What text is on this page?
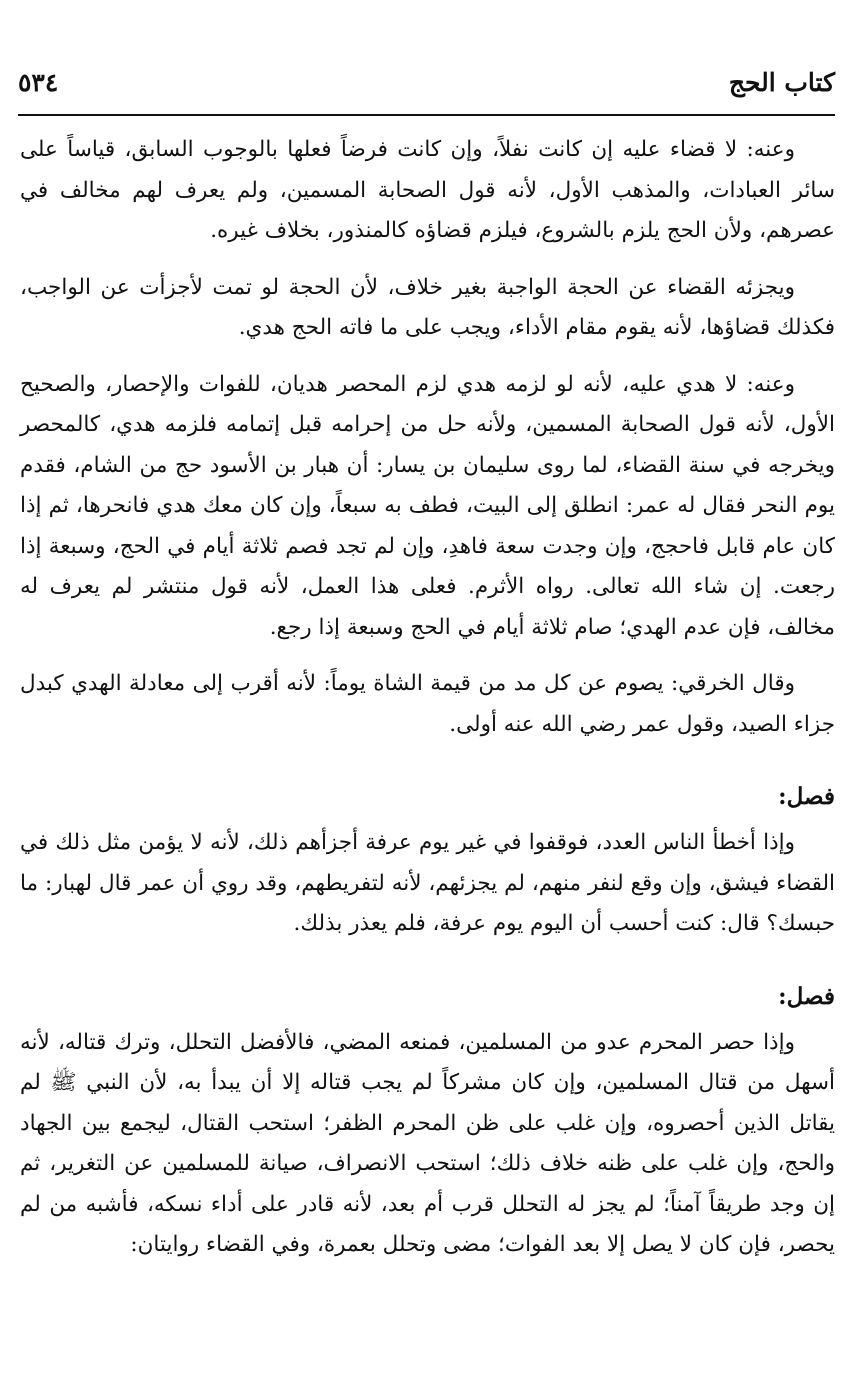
كتاب الحج
٥٣٤

وعنه: لا قضاء عليه إن كانت نفلاً، وإن كانت فرضاً فعلها بالوجوب السابق، قياساً على سائر العبادات، والمذهب الأول، لأنه قول الصحابة المسمين، ولم يعرف لهم مخالف في عصرهم، ولأن الحج يلزم بالشروع، فيلزم قضاؤه كالمنذور، بخلاف غيره.

ويجزئه القضاء عن الحجة الواجبة بغير خلاف، لأن الحجة لو تمت لأجزأت عن الواجب، فكذلك قضاؤها، لأنه يقوم مقام الأداء، ويجب على ما فاته الحج هدي.

وعنه: لا هدي عليه، لأنه لو لزمه هدي لزم المحصر هديان، للفوات والإحصار، والصحيح الأول، لأنه قول الصحابة المسمين، ولأنه حل من إحرامه قبل إتمامه فلزمه هدي، كالمحصر ويخرجه في سنة القضاء، لما روى سليمان بن يسار: أن هبار بن الأسود حج من الشام، فقدم يوم النحر فقال له عمر: انطلق إلى البيت، فطف به سبعاً، وإن كان معك هدي فانحرها، ثم إذا كان عام قابل فاحجج، وإن وجدت سعة فاهدِ، وإن لم تجد فصم ثلاثة أيام في الحج، وسبعة إذا رجعت. إن شاء الله تعالى. رواه الأثرم. فعلى هذا العمل، لأنه قول منتشر لم يعرف له مخالف، فإن عدم الهدي؛ صام ثلاثة أيام في الحج وسبعة إذا رجع.

وقال الخرقي: يصوم عن كل مد من قيمة الشاة يوماً: لأنه أقرب إلى معادلة الهدي كبدل جزاء الصيد، وقول عمر رضي الله عنه أولى.

فصل:

وإذا أخطأ الناس العدد، فوقفوا في غير يوم عرفة أجزأهم ذلك، لأنه لا يؤمن مثل ذلك في القضاء فيشق، وإن وقع لنفر منهم، لم يجزئهم، لأنه لتفريطهم، وقد روي أن عمر قال لهبار: ما حبسك؟ قال: كنت أحسب أن اليوم يوم عرفة، فلم يعذر بذلك.

فصل:

وإذا حصر المحرم عدو من المسلمين، فمنعه المضي، فالأفضل التحلل، وترك قتاله، لأنه أسهل من قتال المسلمين، وإن كان مشركاً لم يجب قتاله إلا أن يبدأ به، لأن النبي ﷺ لم يقاتل الذين أحصروه، وإن غلب على ظن المحرم الظفر؛ استحب القتال، ليجمع بين الجهاد والحج، وإن غلب على ظنه خلاف ذلك؛ استحب الانصراف، صيانة للمسلمين عن التغرير، ثم إن وجد طريقاً آمناً؛ لم يجز له التحلل قرب أم بعد، لأنه قادر على أداء نسكه، فأشبه من لم يحصر، فإن كان لا يصل إلا بعد الفوات؛ مضى وتحلل بعمرة، وفي القضاء روايتان:
